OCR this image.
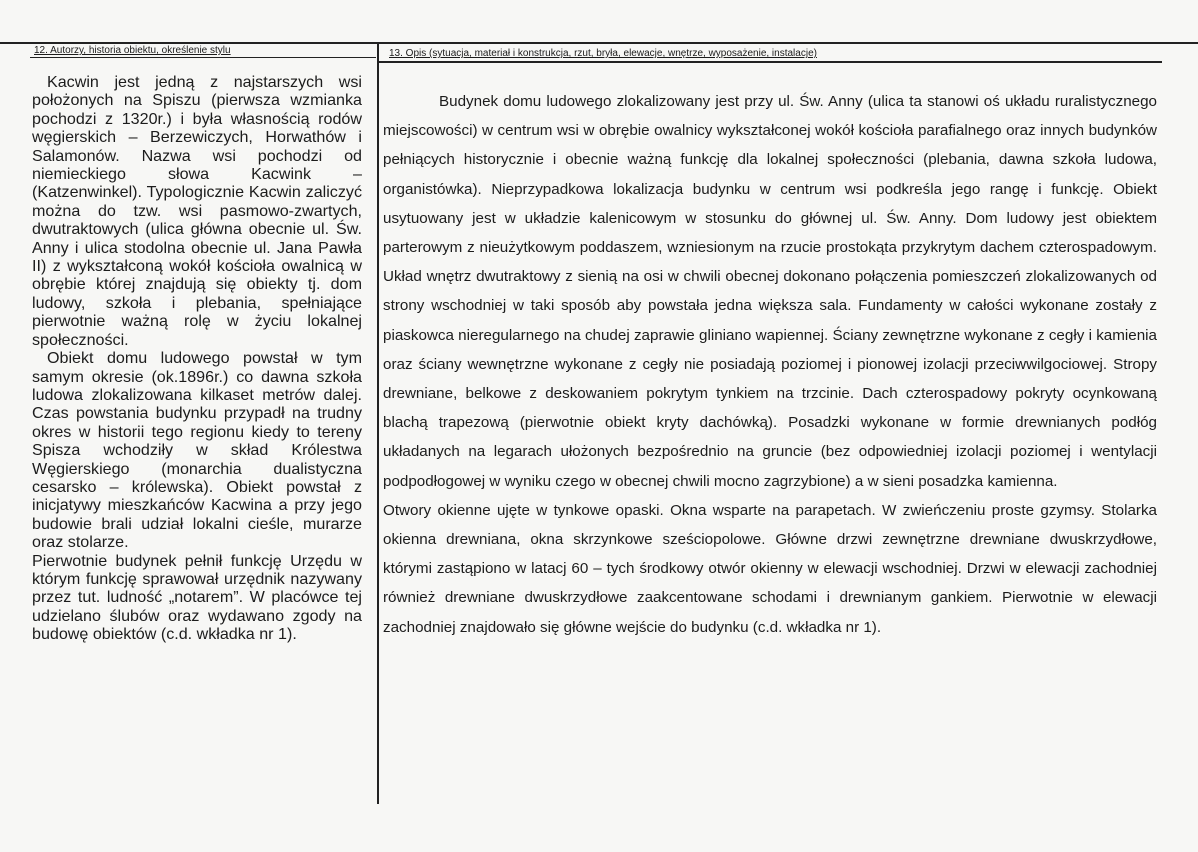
12. Autorzy, historia obiektu, określenie stylu	13. Opis (sytuacja, materiał i konstrukcja, rzut, bryła, elewacje, wnętrze, wyposażenie, instalacje)

Kacwin jest jedną z najstarszych wsi położonych na Spiszu (pierwsza wzmianka pochodzi z 1320r.) i była własnością rodów węgierskich – Berzewiczych, Horwathów i Salamonów. Nazwa wsi pochodzi od niemieckiego słowa Kacwink – (Katzenwinkel). Typologicznie Kacwin zaliczyć można do tzw. wsi pasmowo-zwartych, dwutraktowych (ulica główna obecnie ul. Św. Anny i ulica stodolna obecnie ul. Jana Pawła II) z wykształconą wokół kościoła owalnicą w obrębie której znajdują się obiekty tj. dom ludowy, szkoła i plebania, spełniające pierwotnie ważną rolę w życiu lokalnej społeczności.

Obiekt domu ludowego powstał w tym samym okresie (ok.1896r.) co dawna szkoła ludowa zlokalizowana kilkaset metrów dalej. Czas powstania budynku przypadł na trudny okres w historii tego regionu kiedy to tereny Spisza wchodziły w skład Królestwa Węgierskiego (monarchia dualistyczna cesarsko – królewska). Obiekt powstał z inicjatywy mieszkańców Kacwina a przy jego budowie brali udział lokalni cieśle, murarze oraz stolarze.

Pierwotnie budynek pełnił funkcję Urzędu w którym funkcję sprawował urzędnik nazywany przez tut. ludność „notarem”. W placówce tej udzielano ślubów oraz wydawano zgody na budowę obiektów (c.d. wkładka nr 1).

Budynek domu ludowego zlokalizowany jest przy ul. Św. Anny (ulica ta stanowi oś układu ruralistycznego miejscowości) w centrum wsi w obrębie owalnicy wykształconej wokół kościoła parafialnego oraz innych budynków pełniących historycznie i obecnie ważną funkcję dla lokalnej społeczności (plebania, dawna szkoła ludowa, organistówka). Nieprzypadkowa lokalizacja budynku w centrum wsi podkreśla jego rangę i funkcję. Obiekt usytuowany jest w układzie kalenicowym w stosunku do głównej ul. Św. Anny. Dom ludowy jest obiektem parterowym z nieużytkowym poddaszem, wzniesionym na rzucie prostokąta przykrytym dachem czterospadowym. Układ wnętrz dwutraktowy z sienią na osi w chwili obecnej dokonano połączenia pomieszczeń zlokalizowanych od strony wschodniej w taki sposób aby powstała jedna większa sala. Fundamenty w całości wykonane zostały z piaskowca nieregularnego na chudej zaprawie gliniano wapiennej. Ściany zewnętrzne wykonane z cegły i kamienia oraz ściany wewnętrzne wykonane z cegły nie posiadają poziomej i pionowej izolacji przeciwwilgociowej. Stropy drewniane, belkowe z deskowaniem pokrytym tynkiem na trzcinie. Dach czterospadowy pokryty ocynkowaną blachą trapezową (pierwotnie obiekt kryty dachówką). Posadzki wykonane w formie drewnianych podłóg układanych na legarach ułożonych bezpośrednio na gruncie (bez odpowiedniej izolacji poziomej i wentylacji podpodłogowej w wyniku czego w obecnej chwili mocno zagrzybione) a w sieni posadzka kamienna.

Otwory okienne ujęte w tynkowe opaski. Okna wsparte na parapetach. W zwieńczeniu proste gzymsy. Stolarka okienna drewniana, okna skrzynkowe sześciopolowe. Główne drzwi zewnętrzne drewniane dwuskrzydłowe, którymi zastąpiono w latacj 60 – tych środkowy otwór okienny w elewacji wschodniej. Drzwi w elewacji zachodniej również drewniane dwuskrzydłowe zaakcentowane schodami i drewnianym gankiem. Pierwotnie w elewacji zachodniej znajdowało się główne wejście do budynku (c.d. wkładka nr 1).
